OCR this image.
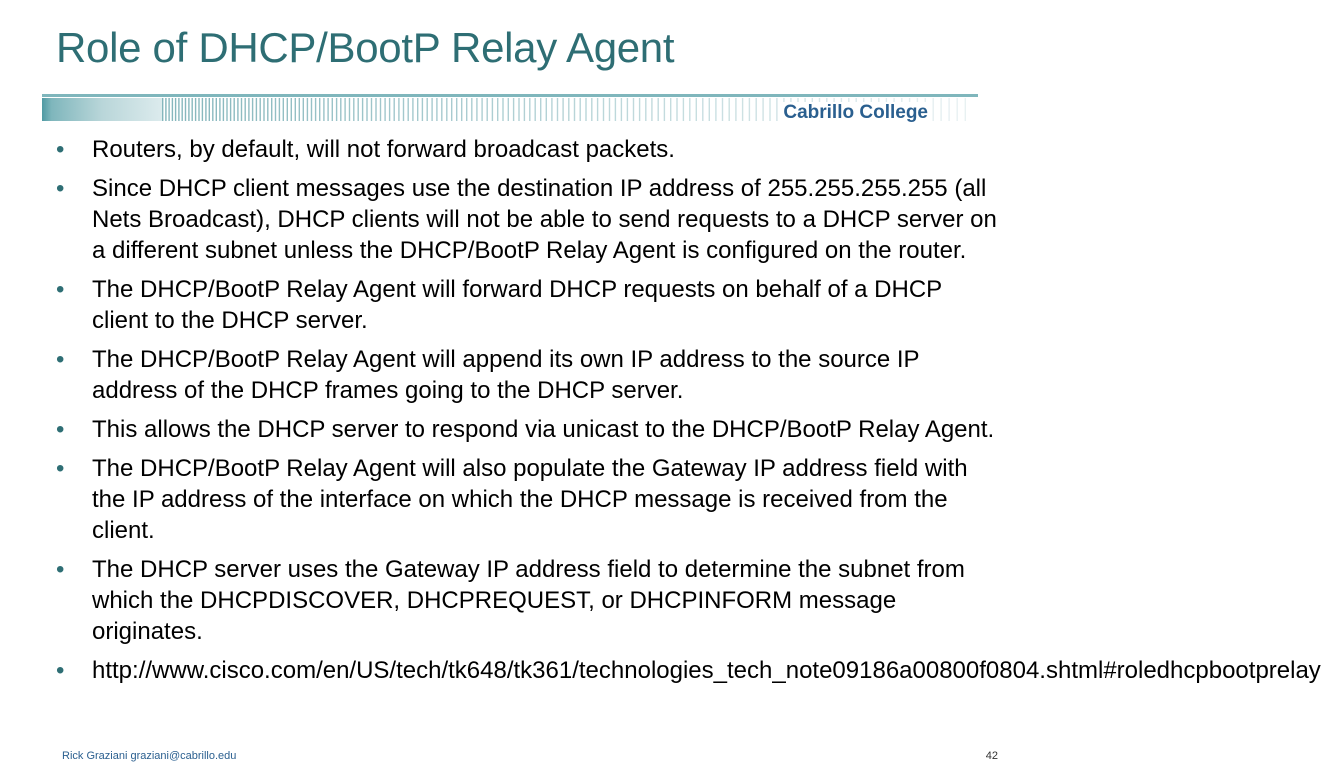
Role of DHCP/BootP Relay Agent
Cabrillo College
• Routers, by default, will not forward broadcast packets.
• Since DHCP client messages use the destination IP address of 255.255.255.255 (all Nets Broadcast), DHCP clients will not be able to send requests to a DHCP server on a different subnet unless the DHCP/BootP Relay Agent is configured on the router.
• The DHCP/BootP Relay Agent will forward DHCP requests on behalf of a DHCP client to the DHCP server.
• The DHCP/BootP Relay Agent will append its own IP address to the source IP address of the DHCP frames going to the DHCP server.
• This allows the DHCP server to respond via unicast to the DHCP/BootP Relay Agent.
• The DHCP/BootP Relay Agent will also populate the Gateway IP address field with the IP address of the interface on which the DHCP message is received from the client.
• The DHCP server uses the Gateway IP address field to determine the subnet from which the DHCPDISCOVER, DHCPREQUEST, or DHCPINFORM message originates.
• http://www.cisco.com/en/US/tech/tk648/tk361/technologies_tech_note09186a00800f0804.shtml#roledhcpbootprelay
Rick Graziani graziani@cabrillo.edu	42
